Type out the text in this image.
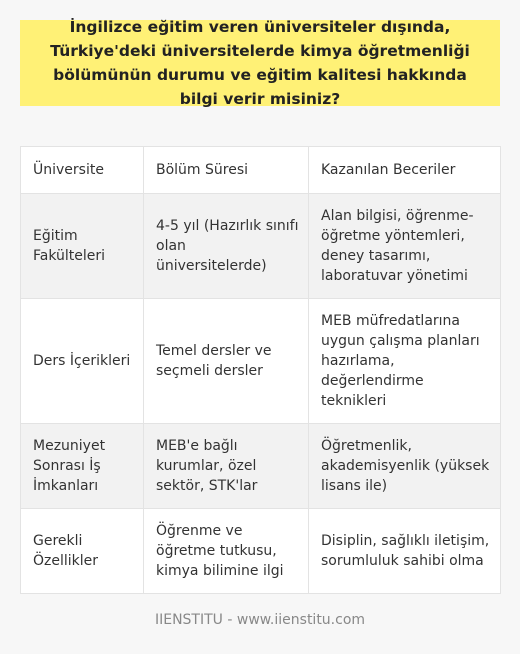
İngilizce eğitim veren üniversiteler dışında, Türkiye'deki üniversitelerde kimya öğretmenliği bölümünün durumu ve eğitim kalitesi hakkında bilgi verir misiniz?
Üniversite	Bölüm Süresi	Kazanılan Beceriler
Eğitim Fakülteleri	4-5 yıl (Hazırlık sınıfı olan üniversitelerde)	Alan bilgisi, öğrenme-öğretme yöntemleri, deney tasarımı, laboratuvar yönetimi
Ders İçerikleri	Temel dersler ve seçmeli dersler	MEB müfredatlarına uygun çalışma planları hazırlama, değerlendirme teknikleri
Mezuniyet Sonrası İş İmkanları	MEB'e bağlı kurumlar, özel sektör, STK'lar	Öğretmenlik, akademisyenlik (yüksek lisans ile)
Gerekli Özellikler	Öğrenme ve öğretme tutkusu, kimya bilimine ilgi	Disiplin, sağlıklı iletişim, sorumluluk sahibi olma
IIENSTITU - www.iienstitu.com
